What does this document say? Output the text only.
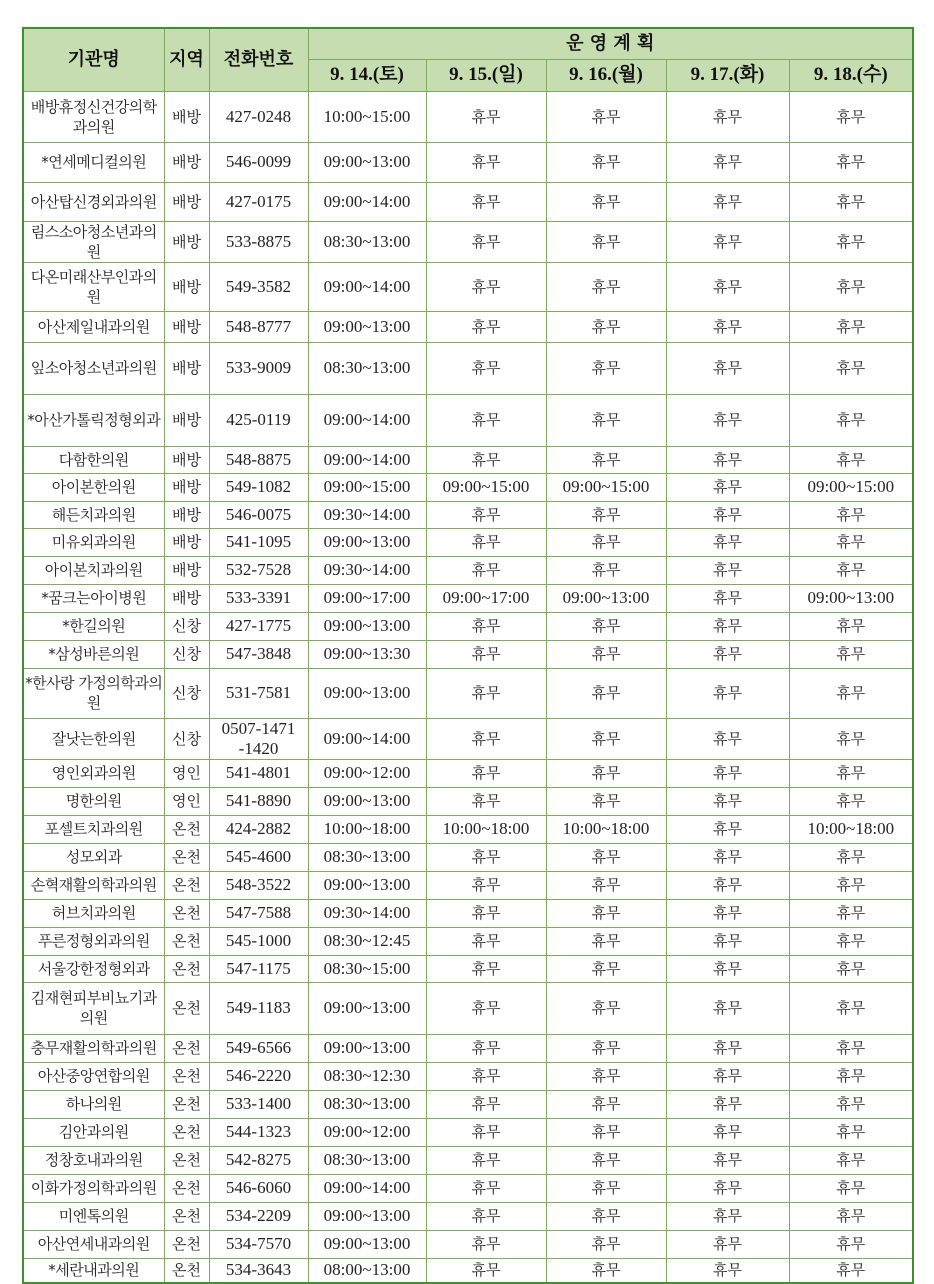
기관명	지역	전화번호	운 영 계 획				
			9. 14.(토)	9. 15.(일)	9. 16.(월)	9. 17.(화)	9. 18.(수)
배방휴정신건강의학과의원	배방	427-0248	10:00~15:00	휴무	휴무	휴무	휴무
*연세메디컬의원	배방	546-0099	09:00~13:00	휴무	휴무	휴무	휴무
아산탑신경외과의원	배방	427-0175	09:00~14:00	휴무	휴무	휴무	휴무
림스소아청소년과의원	배방	533-8875	08:30~13:00	휴무	휴무	휴무	휴무
다온미래산부인과의원	배방	549-3582	09:00~14:00	휴무	휴무	휴무	휴무
아산제일내과의원	배방	548-8777	09:00~13:00	휴무	휴무	휴무	휴무
잎소아청소년과의원	배방	533-9009	08:30~13:00	휴무	휴무	휴무	휴무
*아산가톨릭정형외과	배방	425-0119	09:00~14:00	휴무	휴무	휴무	휴무
다함한의원	배방	548-8875	09:00~14:00	휴무	휴무	휴무	휴무
아이본한의원	배방	549-1082	09:00~15:00	09:00~15:00	09:00~15:00	휴무	09:00~15:00
해든치과의원	배방	546-0075	09:30~14:00	휴무	휴무	휴무	휴무
미유외과의원	배방	541-1095	09:00~13:00	휴무	휴무	휴무	휴무
아이본치과의원	배방	532-7528	09:30~14:00	휴무	휴무	휴무	휴무
*꿈크는아이병원	배방	533-3391	09:00~17:00	09:00~17:00	09:00~13:00	휴무	09:00~13:00
*한길의원	신창	427-1775	09:00~13:00	휴무	휴무	휴무	휴무
*삼성바른의원	신창	547-3848	09:00~13:30	휴무	휴무	휴무	휴무
*한사랑 가정의학과의원	신창	531-7581	09:00~13:00	휴무	휴무	휴무	휴무
잘낫는한의원	신창	0507-1471 -1420	09:00~14:00	휴무	휴무	휴무	휴무
영인외과의원	영인	541-4801	09:00~12:00	휴무	휴무	휴무	휴무
명한의원	영인	541-8890	09:00~13:00	휴무	휴무	휴무	휴무
포셀트치과의원	온천	424-2882	10:00~18:00	10:00~18:00	10:00~18:00	휴무	10:00~18:00
성모외과	온천	545-4600	08:30~13:00	휴무	휴무	휴무	휴무
손혁재활의학과의원	온천	548-3522	09:00~13:00	휴무	휴무	휴무	휴무
허브치과의원	온천	547-7588	09:30~14:00	휴무	휴무	휴무	휴무
푸른정형외과의원	온천	545-1000	08:30~12:45	휴무	휴무	휴무	휴무
서울강한정형외과	온천	547-1175	08:30~15:00	휴무	휴무	휴무	휴무
김재현피부비뇨기과의원	온천	549-1183	09:00~13:00	휴무	휴무	휴무	휴무
충무재활의학과의원	온천	549-6566	09:00~13:00	휴무	휴무	휴무	휴무
아산중앙연합의원	온천	546-2220	08:30~12:30	휴무	휴무	휴무	휴무
하나의원	온천	533-1400	08:30~13:00	휴무	휴무	휴무	휴무
김안과의원	온천	544-1323	09:00~12:00	휴무	휴무	휴무	휴무
정창호내과의원	온천	542-8275	08:30~13:00	휴무	휴무	휴무	휴무
이화가정의학과의원	온천	546-6060	09:00~14:00	휴무	휴무	휴무	휴무
미엔톡의원	온천	534-2209	09:00~13:00	휴무	휴무	휴무	휴무
아산연세내과의원	온천	534-7570	09:00~13:00	휴무	휴무	휴무	휴무
*세란내과의원	온천	534-3643	08:00~13:00	휴무	휴무	휴무	휴무
